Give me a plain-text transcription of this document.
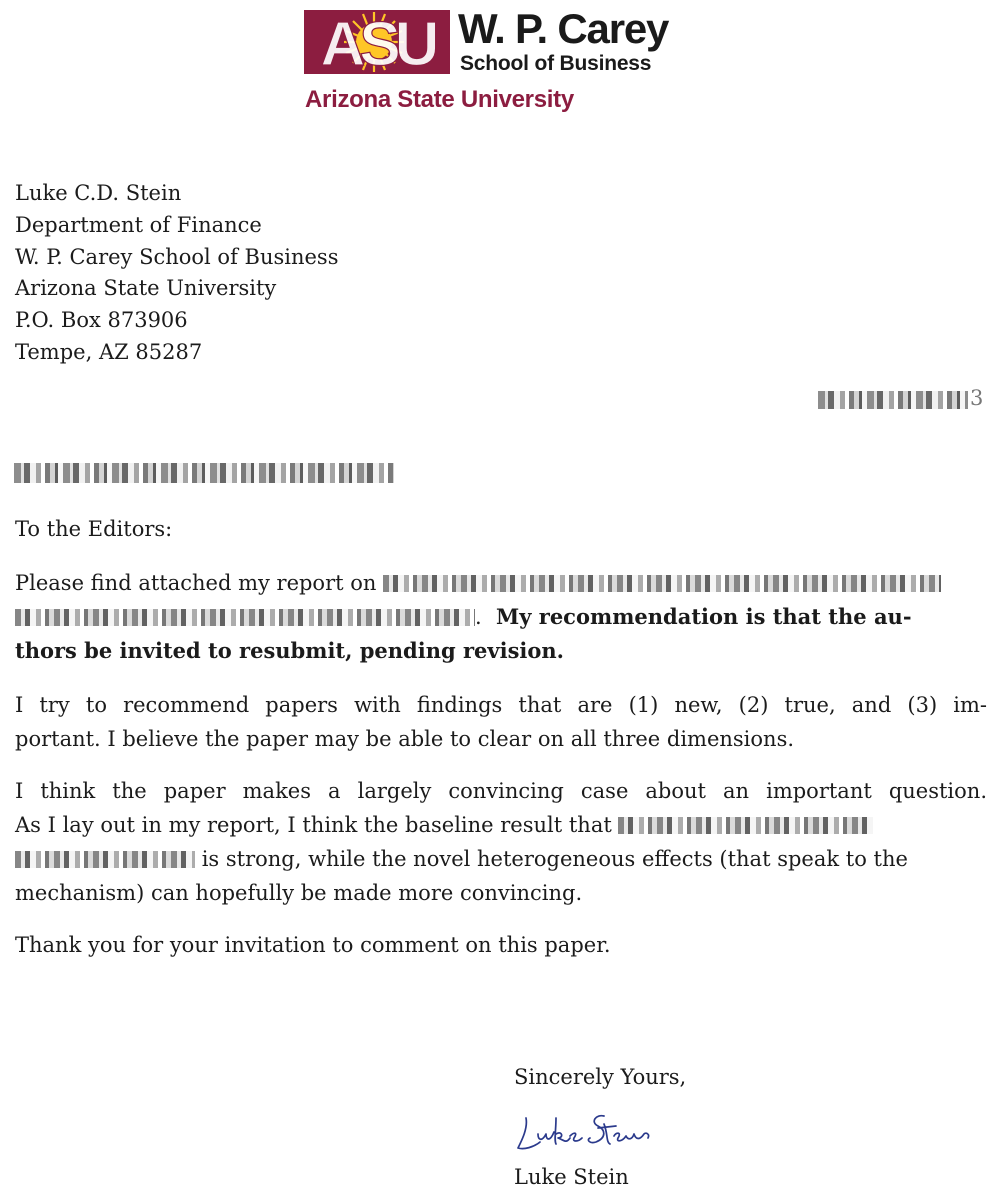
ASU W. P. Carey
School of Business
Arizona State University
Luke C.D. Stein
Department of Finance
W. P. Carey School of Business
Arizona State University
P.O. Box 873906
Tempe, AZ 85287
3
To the Editors:
Please find attached my report on
. My recommendation is that the au-
thors be invited to resubmit, pending revision.
I try to recommend papers with findings that are (1) new, (2) true, and (3) im-
portant. I believe the paper may be able to clear on all three dimensions.
I think the paper makes a largely convincing case about an important question.
As I lay out in my report, I think the baseline result that
is strong, while the novel heterogeneous effects (that speak to the
mechanism) can hopefully be made more convincing.
Thank you for your invitation to comment on this paper.
Sincerely Yours,
Luke Stein
Luke Stein
